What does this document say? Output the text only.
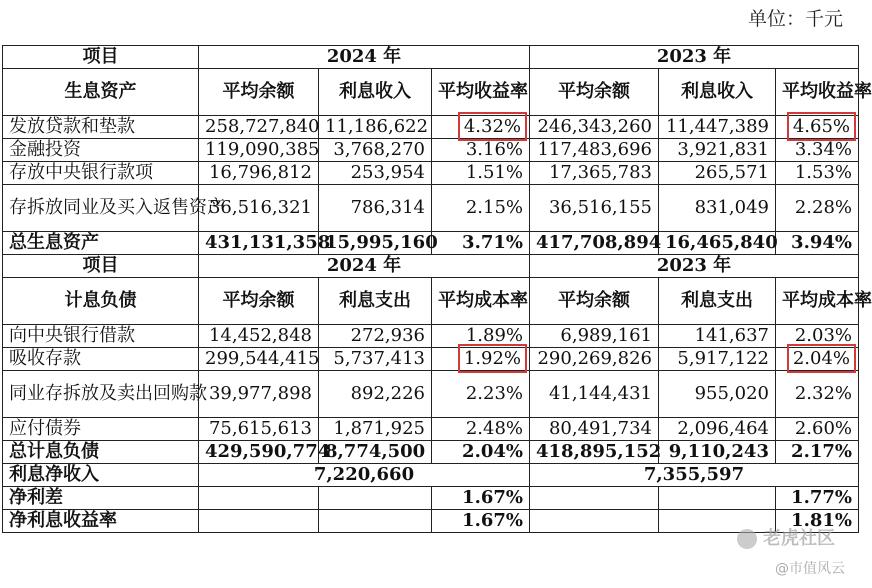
单位：千元
项目	2024 年			2023 年		
生息资产	平均余额	利息收入	平均收益率	平均余额	利息收入	平均收益率
发放贷款和垫款	258,727,840	11,186,622	4.32%	246,343,260	11,447,389	4.65%
金融投资	119,090,385	3,768,270	3.16%	117,483,696	3,921,831	3.34%
存放中央银行款项	16,796,812	253,954	1.51%	17,365,783	265,571	1.53%
存拆放同业及买入返售资产	36,516,321	786,314	2.15%	36,516,155	831,049	2.28%
总生息资产	431,131,358	15,995,160	3.71%	417,708,894	16,465,840	3.94%
项目	2024 年			2023 年		
计息负债	平均余额	利息支出	平均成本率	平均余额	利息支出	平均成本率
向中央银行借款	14,452,848	272,936	1.89%	6,989,161	141,637	2.03%
吸收存款	299,544,415	5,737,413	1.92%	290,269,826	5,917,122	2.04%
同业存拆放及卖出回购款	39,977,898	892,226	2.23%	41,144,431	955,020	2.32%
应付债券	75,615,613	1,871,925	2.48%	80,491,734	2,096,464	2.60%
总计息负债	429,590,774	8,774,500	2.04%	418,895,152	9,110,243	2.17%
利息净收入	7,220,660			7,355,597		
净利差			1.67%			1.77%
净利息收益率			1.67%			1.81%
老虎社区
@市值风云
